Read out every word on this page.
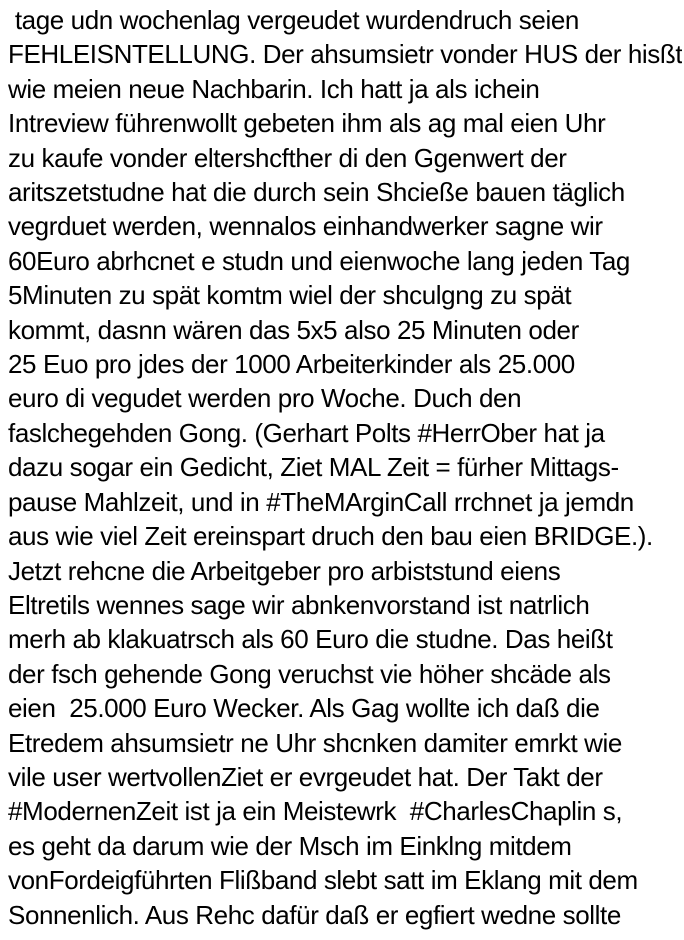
tage udn wochenlag vergeudet wurdendruch seien
FEHLEISNTELLUNG. Der ahsumsietr vonder HUS der hisßt
wie meien neue Nachbarin. Ich hatt ja als ichein
Intreview führenwollt gebeten ihm als ag mal eien Uhr
zu kaufe vonder eltershcfther di den Ggenwert der
aritszetstudne hat die durch sein Shcieße bauen täglich
vegrduet werden, wennalos einhandwerker sagne wir
60Euro abrhcnet e studn und eienwoche lang jeden Tag
5Minuten zu spät komtm wiel der shculgng zu spät
kommt, dasnn wären das 5x5 also 25 Minuten oder
25 Euo pro jdes der 1000 Arbeiterkinder als 25.000
euro di vegudet werden pro Woche. Duch den
faslchegehden Gong. (Gerhart Polts #HerrOber hat ja
dazu sogar ein Gedicht, Ziet MAL Zeit = fürher Mittags-
pause Mahlzeit, und in #TheMArginCall rrchnet ja jemdn
aus wie viel Zeit ereinspart druch den bau eien BRIDGE.).
Jetzt rehcne die Arbeitgeber pro arbiststund eiens
Eltretils wennes sage wir abnkenvorstand ist natrlich
merh ab klakuatrsch als 60 Euro die studne. Das heißt
der fsch gehende Gong veruchst vie höher shcäde als
eien  25.000 Euro Wecker. Als Gag wollte ich daß die
Etredem ahsumsietr ne Uhr shcnken damiter emrkt wie
vile user wertvollenZiet er evrgeudet hat. Der Takt der
#ModernenZeit ist ja ein Meistewrk  #CharlesChaplin s,
es geht da darum wie der Msch im Einklng mitdem
vonFordeigführten Flißband slebt satt im Eklang mit dem
Sonnenlich. Aus Rehc dafür daß er egfiert wedne sollte
